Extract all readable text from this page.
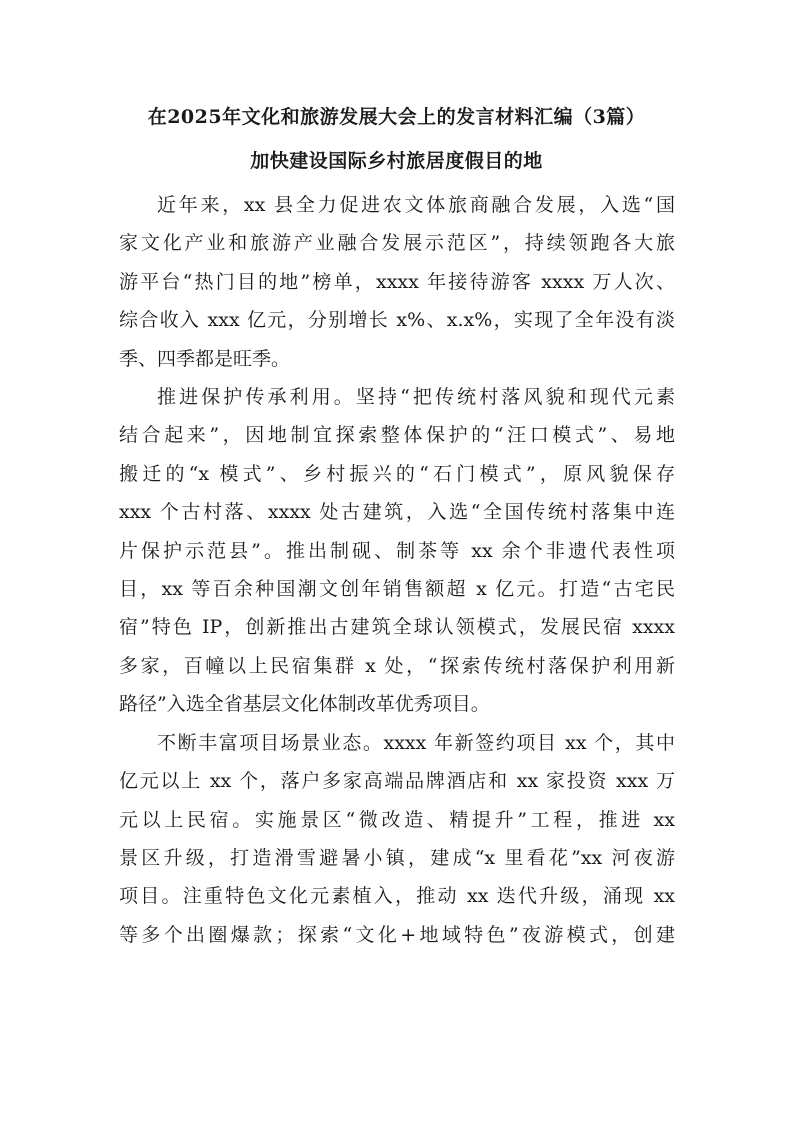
在2025年文化和旅游发展大会上的发言材料汇编（3篇）
加快建设国际乡村旅居度假目的地
近年来，xx 县全力促进农文体旅商融合发展，入选“国
家文化产业和旅游产业融合发展示范区”，持续领跑各大旅
游平台“热门目的地”榜单，xxxx 年接待游客 xxxx 万人次、
综合收入 xxx 亿元，分别增长 x%、x.x%，实现了全年没有淡
季、四季都是旺季。
推进保护传承利用。坚持“把传统村落风貌和现代元素
结合起来”，因地制宜探索整体保护的“汪口模式”、易地
搬迁的“x 模式”、乡村振兴的“石门模式”，原风貌保存
xxx 个古村落、xxxx 处古建筑，入选“全国传统村落集中连
片保护示范县”。推出制砚、制茶等 xx 余个非遗代表性项
目，xx 等百余种国潮文创年销售额超 x 亿元。打造“古宅民
宿”特色 IP，创新推出古建筑全球认领模式，发展民宿 xxxx
多家，百幢以上民宿集群 x 处，“探索传统村落保护利用新
路径”入选全省基层文化体制改革优秀项目。
不断丰富项目场景业态。xxxx 年新签约项目 xx 个，其中
亿元以上 xx 个，落户多家高端品牌酒店和 xx 家投资 xxx 万
元以上民宿。实施景区“微改造、精提升”工程，推进 xx
景区升级，打造滑雪避暑小镇，建成“x 里看花”xx 河夜游
项目。注重特色文化元素植入，推动 xx 迭代升级，涌现 xx
等多个出圈爆款；探索“文化+地域特色”夜游模式，创建
